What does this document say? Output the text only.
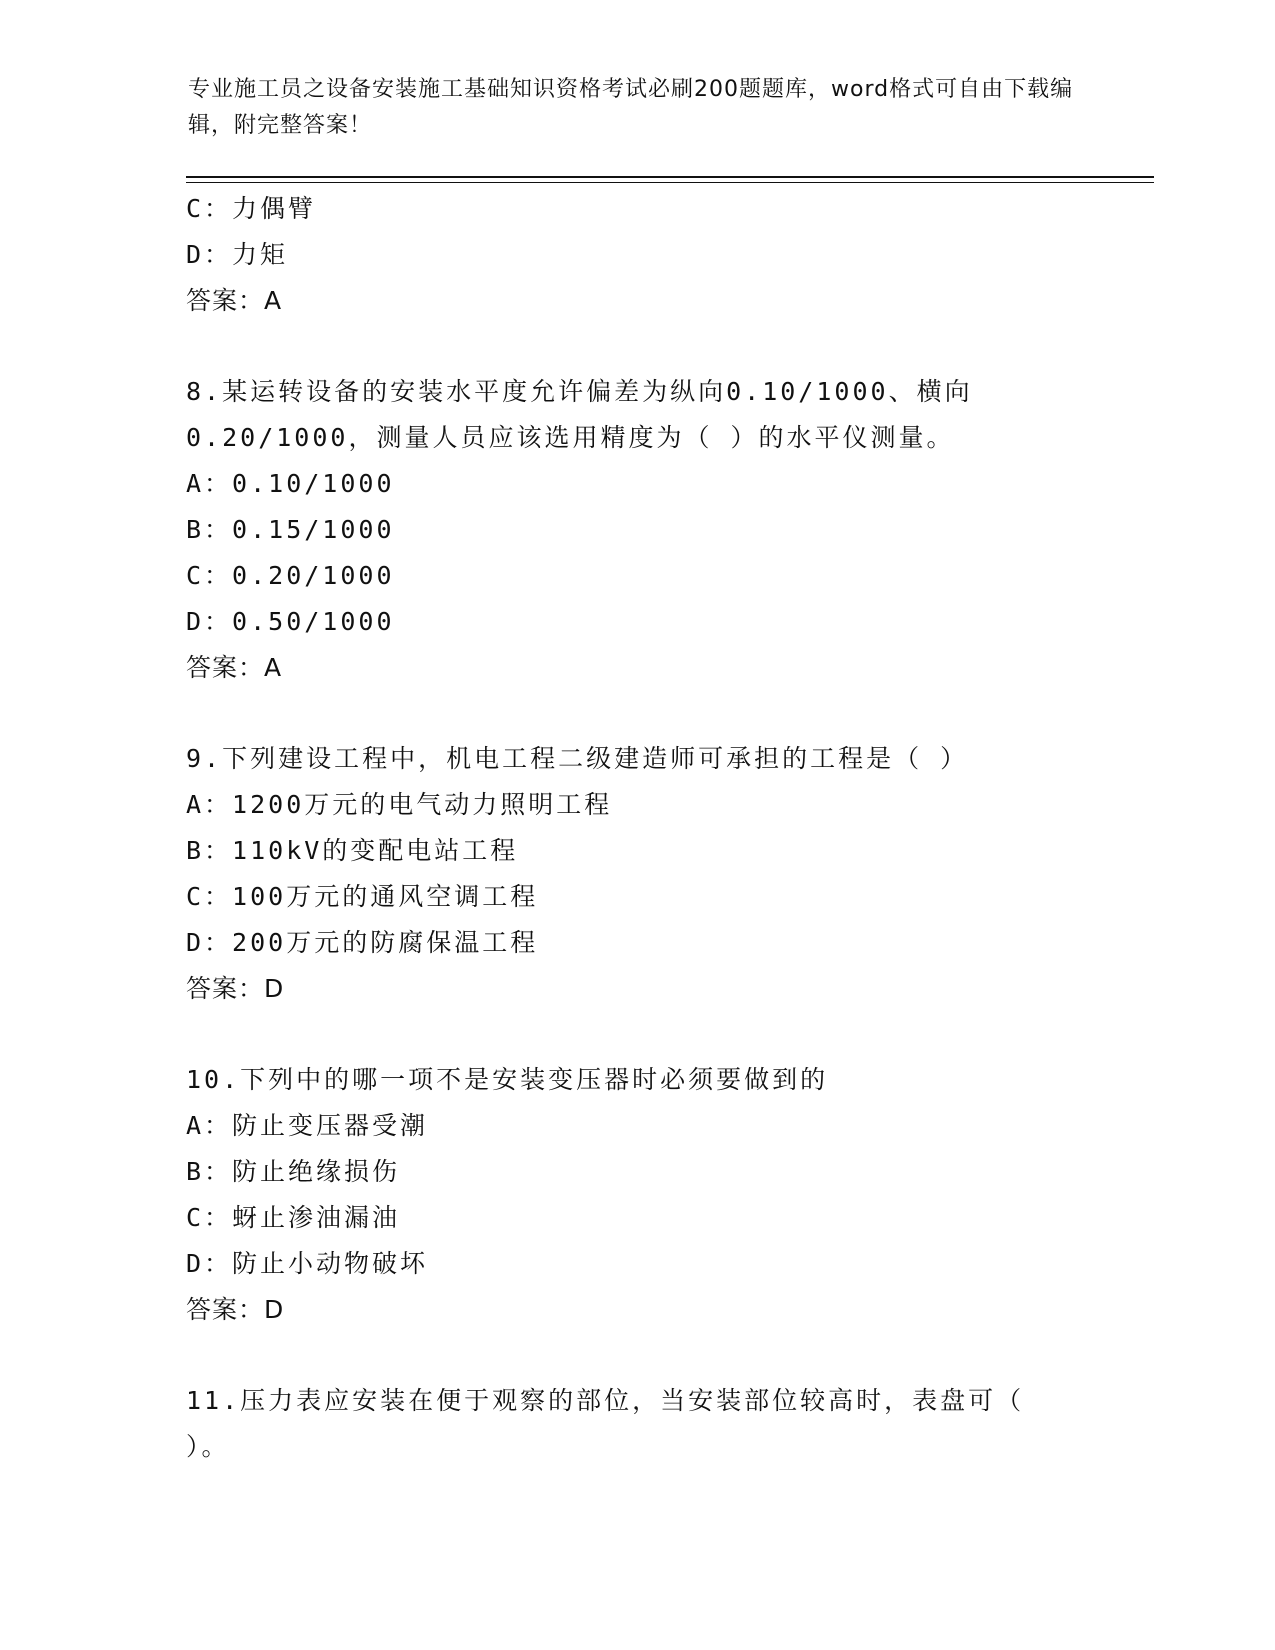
专业施工员之设备安装施工基础知识资格考试必刷200题题库，word格式可自由下载编辑，附完整答案！
C：力偶臂
D：力矩
答案：A
8.某运转设备的安装水平度允许偏差为纵向0.10/1000、横向
0.20/1000，测量人员应该选用精度为（ ）的水平仪测量。
A：0.10/1000
B：0.15/1000
C：0.20/1000
D：0.50/1000
答案：A
9.下列建设工程中，机电工程二级建造师可承担的工程是（ ）
A：1200万元的电气动力照明工程
B：110kV的变配电站工程
C：100万元的通风空调工程
D：200万元的防腐保温工程
答案：D
10.下列中的哪一项不是安装变压器时必须要做到的
A：防止变压器受潮
B：防止绝缘损伤
C：蚜止渗油漏油
D：防止小动物破坏
答案：D
11.压力表应安装在便于观察的部位，当安装部位较高时，表盘可（
）。
